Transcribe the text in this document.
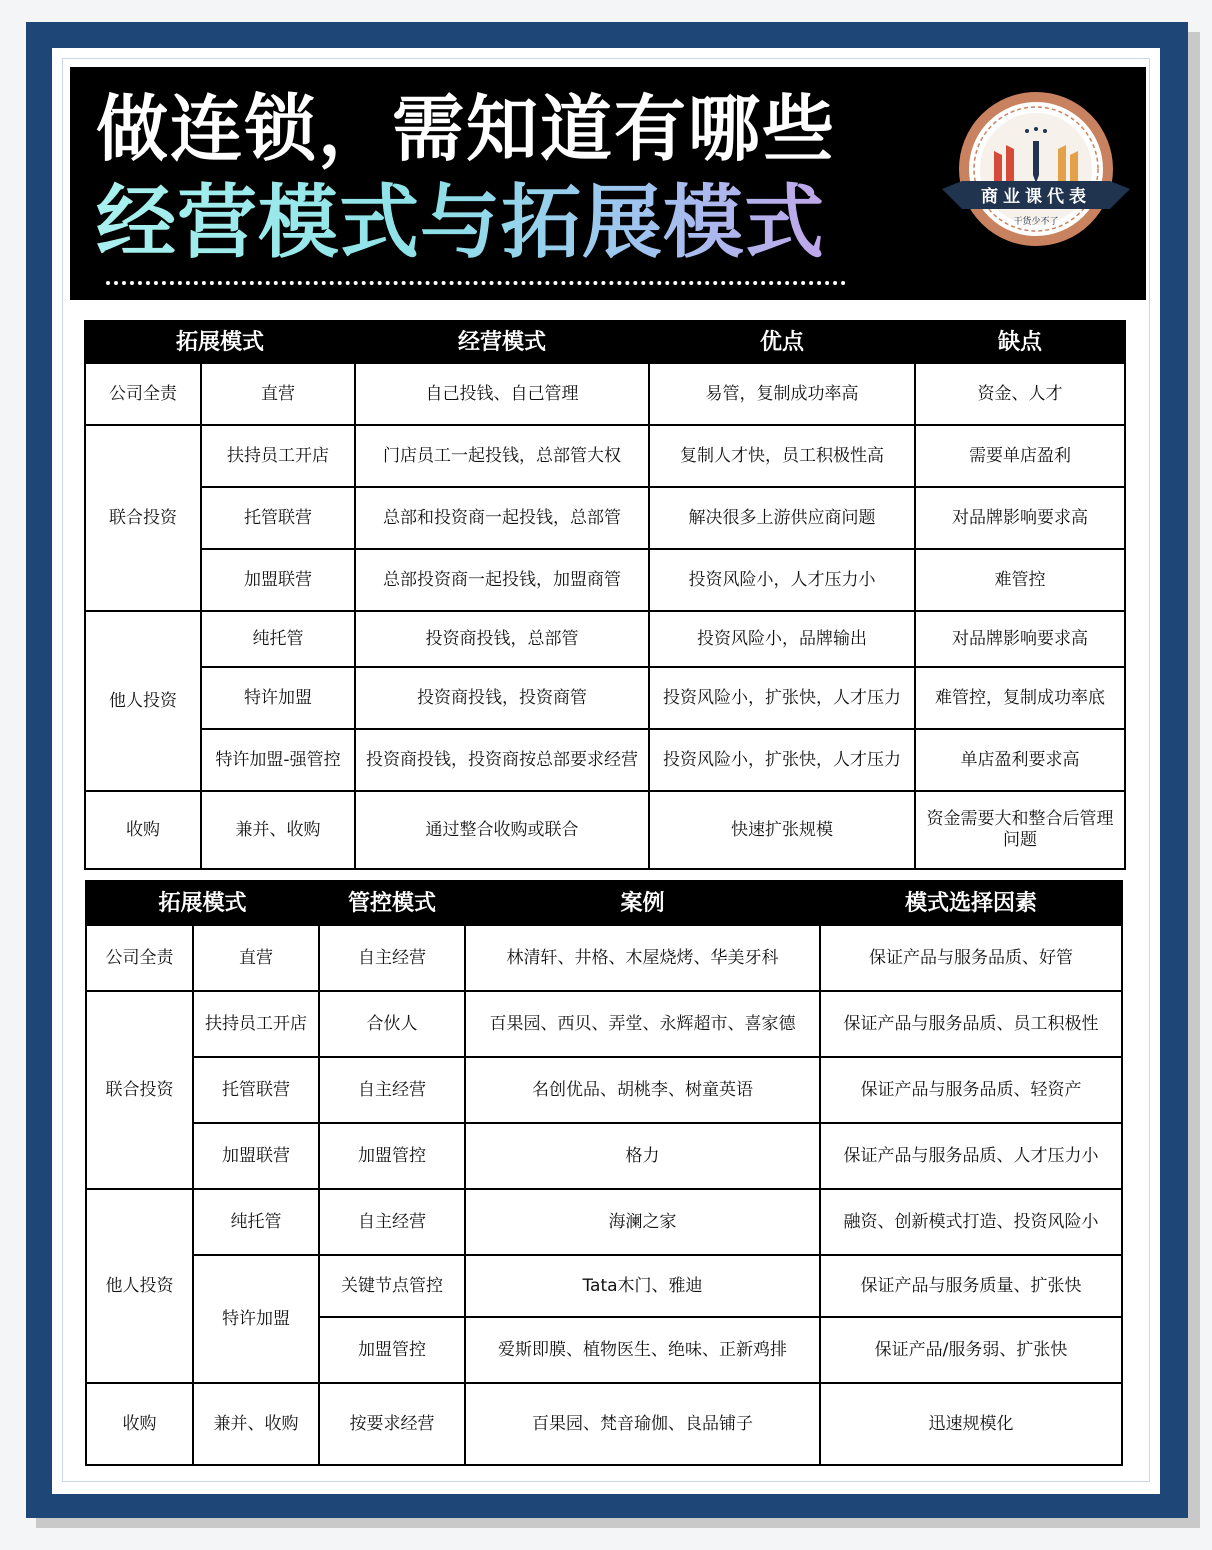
做连锁，需知道有哪些
经营模式与拓展模式	商业课代表
干货少不了
拓展模式		经营模式	优点	缺点
公司全责	直营	自己投钱、自己管理	易管，复制成功率高	资金、人才
联合投资	扶持员工开店	门店员工一起投钱，总部管大权	复制人才快，员工积极性高	需要单店盈利
	托管联营	总部和投资商一起投钱，总部管	解决很多上游供应商问题	对品牌影响要求高
	加盟联营	总部投资商一起投钱，加盟商管	投资风险小，人才压力小	难管控
他人投资	纯托管	投资商投钱，总部管	投资风险小，品牌输出	对品牌影响要求高
	特许加盟	投资商投钱，投资商管	投资风险小，扩张快，人才压力	难管控，复制成功率底
	特许加盟-强管控	投资商投钱，投资商按总部要求经营	投资风险小，扩张快，人才压力	单店盈利要求高
收购	兼并、收购	通过整合收购或联合	快速扩张规模	资金需要大和整合后管理问题
拓展模式		管控模式	案例	模式选择因素
公司全责	直营	自主经营	林清轩、井格、木屋烧烤、华美牙科	保证产品与服务品质、好管
联合投资	扶持员工开店	合伙人	百果园、西贝、弄堂、永辉超市、喜家德	保证产品与服务品质、员工积极性
	托管联营	自主经营	名创优品、胡桃李、树童英语	保证产品与服务品质、轻资产
	加盟联营	加盟管控	格力	保证产品与服务品质、人才压力小
他人投资	纯托管	自主经营	海澜之家	融资、创新模式打造、投资风险小
	特许加盟	关键节点管控	Tata木门、雅迪	保证产品与服务质量、扩张快
		加盟管控	爱斯即膜、植物医生、绝味、正新鸡排	保证产品/服务弱、扩张快
收购	兼并、收购	按要求经营	百果园、梵音瑜伽、良品铺子	迅速规模化
